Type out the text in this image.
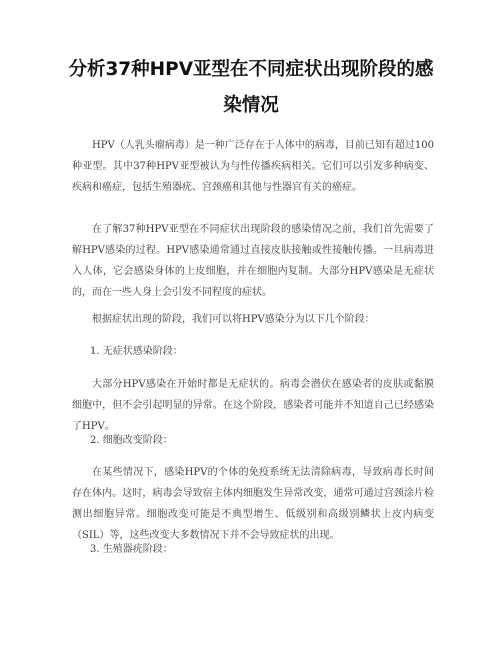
分析37种HPV亚型在不同症状出现阶段的感
染情况

HPV（人乳头瘤病毒）是一种广泛存在于人体中的病毒，目前已知有超过100种亚型。其中37种HPV亚型被认为与性传播疾病相关。它们可以引发多种病变、疾病和癌症，包括生殖器疣、宫颈癌和其他与性器官有关的癌症。

在了解37种HPV亚型在不同症状出现阶段的感染情况之前，我们首先需要了解HPV感染的过程。HPV感染通常通过直接皮肤接触或性接触传播。一旦病毒进入人体，它会感染身体的上皮细胞，并在细胞内复制。大部分HPV感染是无症状的，而在一些人身上会引发不同程度的症状。

根据症状出现的阶段，我们可以将HPV感染分为以下几个阶段：

1. 无症状感染阶段：

大部分HPV感染在开始时都是无症状的。病毒会潜伏在感染者的皮肤或黏膜细胞中，但不会引起明显的异常。在这个阶段，感染者可能并不知道自己已经感染了HPV。

2. 细胞改变阶段：

在某些情况下，感染HPV的个体的免疫系统无法清除病毒，导致病毒长时间存在体内。这时，病毒会导致宿主体内细胞发生异常改变，通常可通过宫颈涂片检测出细胞异常。细胞改变可能是不典型增生、低级别和高级别鳞状上皮内病变（SIL）等，这些改变大多数情况下并不会导致症状的出现。

3. 生殖器疣阶段：
